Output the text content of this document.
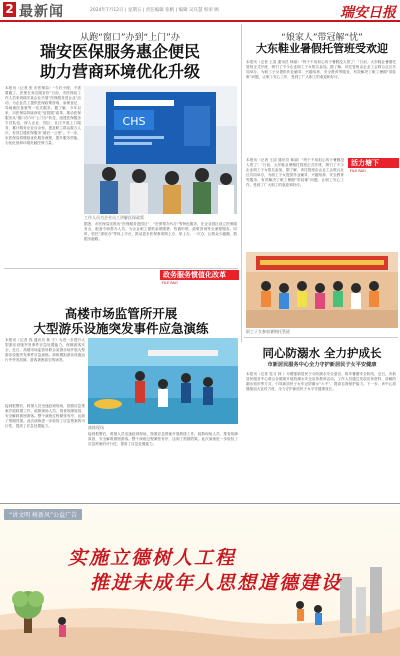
2 最新闻	2024年7月12日 | 星期五 | 责任编辑 张帆 | 编辑 吴珏慧 校审 顾	瑞安日报
从跑“窗口”办到“上门”办
瑞安医保服务惠企便民
助力营商环境优化升级
本报讯（记者 张 市医保局）“今后小便，不需要跑了，医保在身边服务你”日前，市医保局工作人员来到瑞安某企业开展“医保服务进企业”活动，为企业员工提供医保政策咨询、参保登记、异地就医备案等一站式服务。据了解，今年以来，市医保局持续深化“放管服”改革，推动医保服务从“窗口办”向“上门办”转变，组建医保服务专员队伍，深入企业、园区、社区开展上门服务，累计服务企业百余家，惠及职工群众数万人次，有效打通医保服务“最后一公里”。下一步，市医保局将继续优化服务流程，提升服务效能，为优化营商环境贡献医保力量。
CHS
工作人员为企业员工讲解医保政策
据悉，市医保局还推出“医保服务进园区”、“医保帮办代办”等特色服务，在企业园区设立医保服务点，配备专职帮办人员，为企业职工提供参保缴费、待遇申领、政策咨询等全流程服务。同时，依托“浙里办”等线上平台，推动更多医保事项网上办、掌上办、一次办，让群众少跑腿、数据多跑路。
政务服务惯值化改革
FILE RAO
高楼市场监管所开展
大型游乐设施突发事件应急演练
本报讯（记者 钱 通讯员 林 宇）为进一步提升大型游乐设施突发事件应急处置能力，保障游客安全，近日，高楼市场监管所联合某游乐场开展大型游乐设施突发事件应急演练。演练模拟游乐设施运行中突发故障，游客被困高空的场景。
演练现场
接到报警后，救援人员迅速赶到现场，按照应急预案开展救援工作，疏散现场人员，排查故障原因，安全解救被困游客。整个演练过程紧张有序，达到了预期效果。此次演练进一步检验了应急预案的可行性，提高了应急处置能力。
接到报警后，救援人员迅速赶到现场，按照应急预案开展救援工作，疏散现场人员，排查故障原因，安全解救被困游客。整个演练过程紧张有序，达到了预期效果。此次演练进一步检验了应急预案的可行性，提高了应急处置能力。
“娘家人”带冠解“忧”
大东鞋业暑假托管班受欢迎
本报讯（记者 王清 通讯员 林丽）“终于不用担心孩子暑假没人管了！”日前，大东鞋业暑期托管班正式开班，吸引了不少企业职工子女报名参加。据了解，该托管班由企业工会联合社区共同举办，为职工子女提供作业辅导、兴趣培养、安全教育等服务，有效解决了职工暑期“带娃难”问题，让职工安心工作，受到了广大职工的欢迎和好评。
活力塘下
FILE RAO
本报讯（记者 王清 通讯员 林丽）“终于不用担心孩子暑假没人管了！”日前，大东鞋业暑期托管班正式开班，吸引了不少企业职工子女报名参加。据了解，该托管班由企业工会联合社区共同举办，为职工子女提供作业辅导、兴趣培养、安全教育等服务，有效解决了职工暑期“带娃难”问题，让职工安心工作，受到了广大职工的欢迎和好评。
职工子女参加暑期托管班
同心防溺水 全力护成长
市新居民服务中心全力守护新居民子女平安健康
本报讯（记者 见习 林 ）为增强新居民子女防溺水安全意识，筑牢暑期安全防线，近日，市新居民服务中心联合各镇街开展防溺水安全宣传教育活动。工作人员通过发放宣传资料、讲解防溺水知识等方式，引导新居民子女牢记防溺水“六不”，提高自我保护能力。下一步，该中心将继续加大宣传力度，全力守护新居民子女平安健康成长。
“讲文明 树新风”公益广告
实施立德树人工程
推进未成年人思想道德建设
